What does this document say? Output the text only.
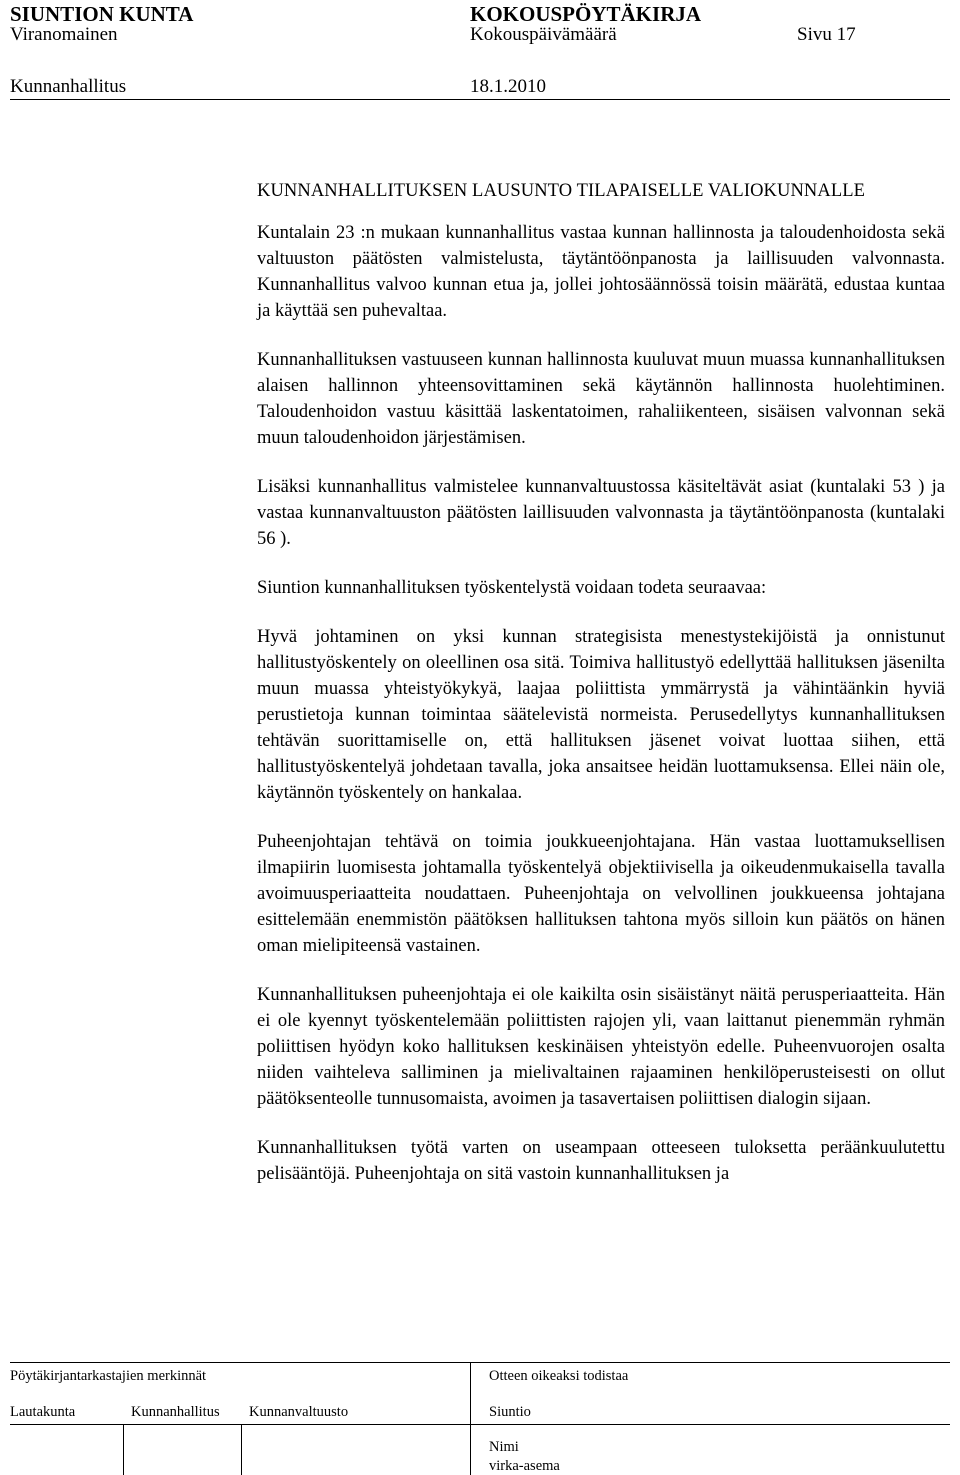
SIUNTION KUNTA	KOKOUSPÖYTÄKIRJA
Viranomainen	Kokouspäivämäärä	Sivu 17
Kunnanhallitus	18.1.2010
KUNNANHALLITUKSEN LAUSUNTO TILAPAISELLE VALIOKUNNALLE

Kuntalain 23 :n mukaan kunnanhallitus vastaa kunnan hallinnosta ja taloudenhoidosta sekä valtuuston päätösten valmistelusta, täytäntöönpanosta ja laillisuuden valvonnasta. Kunnanhallitus valvoo kunnan etua ja, jollei johtosäännössä toisin määrätä, edustaa kuntaa ja käyttää sen puhevaltaa.

Kunnanhallituksen vastuuseen kunnan hallinnosta kuuluvat muun muassa kunnanhallituksen alaisen hallinnon yhteensovittaminen sekä käytännön hallinnosta huolehtiminen. Taloudenhoidon vastuu käsittää laskentatoimen, rahaliikenteen, sisäisen valvonnan sekä muun taloudenhoidon järjestämisen.

Lisäksi kunnanhallitus valmistelee kunnanvaltuustossa käsiteltävät asiat (kuntalaki 53 ) ja vastaa kunnanvaltuuston päätösten laillisuuden valvonnasta ja täytäntöönpanosta (kuntalaki 56 ).

Siuntion kunnanhallituksen työskentelystä voidaan todeta seuraavaa:

Hyvä johtaminen on yksi kunnan strategisista menestystekijöistä ja onnistunut hallitustyöskentely on oleellinen osa sitä. Toimiva hallitustyö edellyttää hallituksen jäsenilta muun muassa yhteistyökykyä, laajaa poliittista ymmärrystä ja vähintäänkin hyviä perustietoja kunnan toimintaa säätelevistä normeista. Perusedellytys kunnanhallituksen tehtävän suorittamiselle on, että hallituksen jäsenet voivat luottaa siihen, että hallitustyöskentelyä johdetaan tavalla, joka ansaitsee heidän luottamuksensa. Ellei näin ole, käytännön työskentely on hankalaa.

Puheenjohtajan tehtävä on toimia joukkueenjohtajana. Hän vastaa luottamuksellisen ilmapiirin luomisesta johtamalla työskentelyä objektiivisella ja oikeudenmukaisella tavalla avoimuusperiaatteita noudattaen. Puheenjohtaja on velvollinen joukkueensa johtajana esittelemään enemmistön päätöksen hallituksen tahtona myös silloin kun päätös on hänen oman mielipiteensä vastainen.

Kunnanhallituksen puheenjohtaja ei ole kaikilta osin sisäistänyt näitä perusperiaatteita. Hän ei ole kyennyt työskentelemään poliittisten rajojen yli, vaan laittanut pienemmän ryhmän poliittisen hyödyn koko hallituksen keskinäisen yhteistyön edelle. Puheenvuorojen osalta niiden vaihteleva salliminen ja mielivaltainen rajaaminen henkilöperusteisesti on ollut päätöksenteolle tunnusomaista, avoimen ja tasavertaisen poliittisen dialogin sijaan.

Kunnanhallituksen työtä varten on useampaan otteeseen tuloksetta peräänkuulutettu pelisääntöjä. Puheenjohtaja on sitä vastoin kunnanhallituksen ja

Pöytäkirjantarkastajien merkinnät	Otteen oikeaksi todistaa
Lautakunta	Kunnanhallitus Kunnanvaltuusto	Siuntio
Nimi
virka-asema
